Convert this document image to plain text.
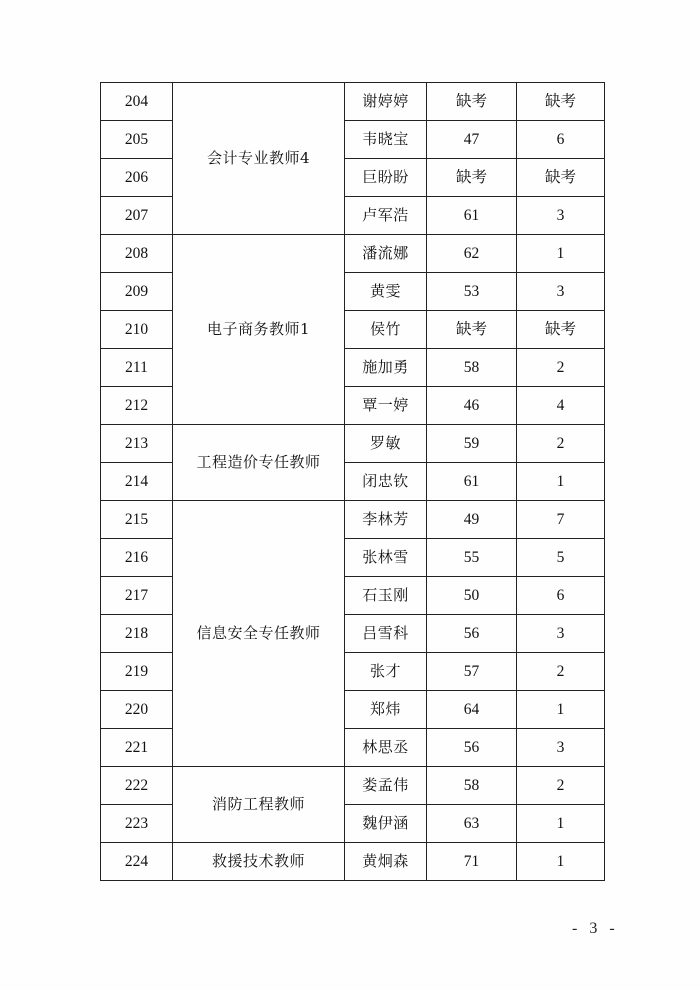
204	会计专业教师4	谢婷婷	缺考	缺考
205		韦晓宝	47	6
206		巨盼盼	缺考	缺考
207		卢军浩	61	3
208	电子商务教师1	潘流娜	62	1
209		黄雯	53	3
210		侯竹	缺考	缺考
211		施加勇	58	2
212		覃一婷	46	4
213	工程造价专任教师	罗敏	59	2
214		闭忠钦	61	1
215	信息安全专任教师	李林芳	49	7
216		张林雪	55	5
217		石玉刚	50	6
218		吕雪科	56	3
219		张才	57	2
220		郑炜	64	1
221		林思丞	56	3
222	消防工程教师	娄孟伟	58	2
223		魏伊涵	63	1
224	救援技术教师	黄炯森	71	1
- 3 -
